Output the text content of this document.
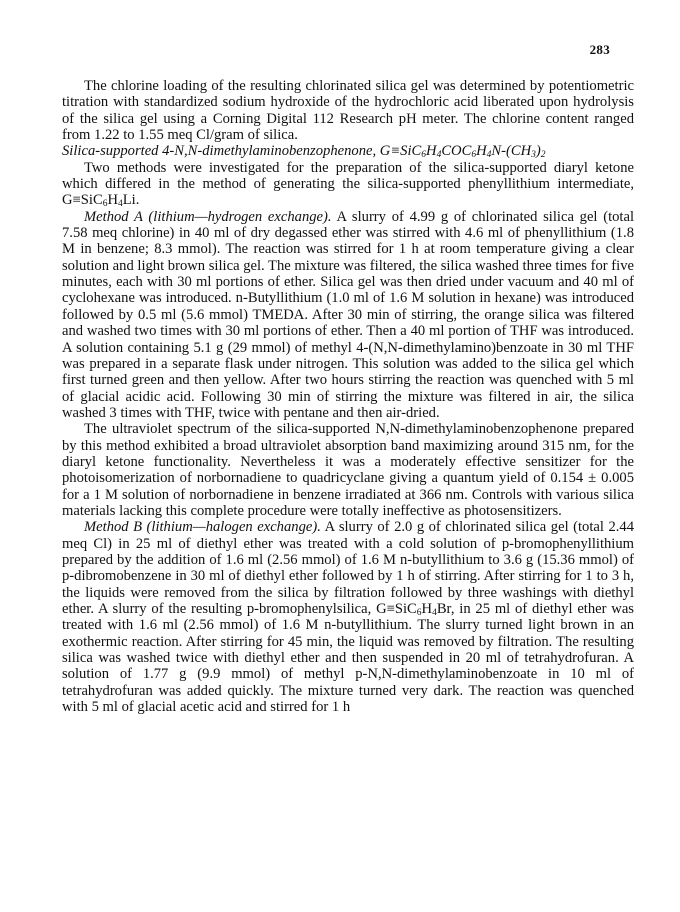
283

The chlorine loading of the resulting chlorinated silica gel was determined by potentiometric titration with standardized sodium hydroxide of the hydrochloric acid liberated upon hydrolysis of the silica gel using a Corning Digital 112 Research pH meter. The chlorine content ranged from 1.22 to 1.55 meq Cl/gram of silica.

Silica-supported 4-N,N-dimethylaminobenzophenone, $G\equiv SiC_6H_4COC_6H_4N-(CH_3)_2$

Two methods were investigated for the preparation of the silica-supported diaryl ketone which differed in the method of generating the silica-supported phenyllithium intermediate, $G\equiv SiC_6H_4Li$.

Method A (lithium—hydrogen exchange). A slurry of 4.99 g of chlorinated silica gel (total 7.58 meq chlorine) in 40 ml of dry degassed ether was stirred with 4.6 ml of phenyllithium (1.8 M in benzene; 8.3 mmol). The reaction was stirred for 1 h at room temperature giving a clear solution and light brown silica gel. The mixture was filtered, the silica washed three times for five minutes, each with 30 ml portions of ether. Silica gel was then dried under vacuum and 40 ml of cyclohexane was introduced. n-Butyllithium (1.0 ml of 1.6 M solution in hexane) was introduced followed by 0.5 ml (5.6 mmol) TMEDA. After 30 min of stirring, the orange silica was filtered and washed two times with 30 ml portions of ether. Then a 40 ml portion of THF was introduced. A solution containing 5.1 g (29 mmol) of methyl 4-(N,N-dimethylamino)benzoate in 30 ml THF was prepared in a separate flask under nitrogen. This solution was added to the silica gel which first turned green and then yellow. After two hours stirring the reaction was quenched with 5 ml of glacial acidic acid. Following 30 min of stirring the mixture was filtered in air, the silica washed 3 times with THF, twice with pentane and then air-dried.

The ultraviolet spectrum of the silica-supported N,N-dimethylaminobenzophenone prepared by this method exhibited a broad ultraviolet absorption band maximizing around 315 nm, for the diaryl ketone functionality. Nevertheless it was a moderately effective sensitizer for the photoisomerization of norbornadiene to quadricyclane giving a quantum yield of 0.154 ± 0.005 for a 1 M solution of norbornadiene in benzene irradiated at 366 nm. Controls with various silica materials lacking this complete procedure were totally ineffective as photosensitizers.

Method B (lithium—halogen exchange). A slurry of 2.0 g of chlorinated silica gel (total 2.44 meq Cl) in 25 ml of diethyl ether was treated with a cold solution of p-bromophenyllithium prepared by the addition of 1.6 ml (2.56 mmol) of 1.6 M n-butyllithium to 3.6 g (15.36 mmol) of p-dibromobenzene in 30 ml of diethyl ether followed by 1 h of stirring. After stirring for 1 to 3 h, the liquids were removed from the silica by filtration followed by three washings with diethyl ether. A slurry of the resulting p-bromophenylsilica, $G\equiv SiC_6H_4Br$, in 25 ml of diethyl ether was treated with 1.6 ml (2.56 mmol) of 1.6 M n-butyllithium. The slurry turned light brown in an exothermic reaction. After stirring for 45 min, the liquid was removed by filtration. The resulting silica was washed twice with diethyl ether and then suspended in 20 ml of tetrahydrofuran. A solution of 1.77 g (9.9 mmol) of methyl p-N,N-dimethylaminobenzoate in 10 ml of tetrahydrofuran was added quickly. The mixture turned very dark. The reaction was quenched with 5 ml of glacial acetic acid and stirred for 1 h
